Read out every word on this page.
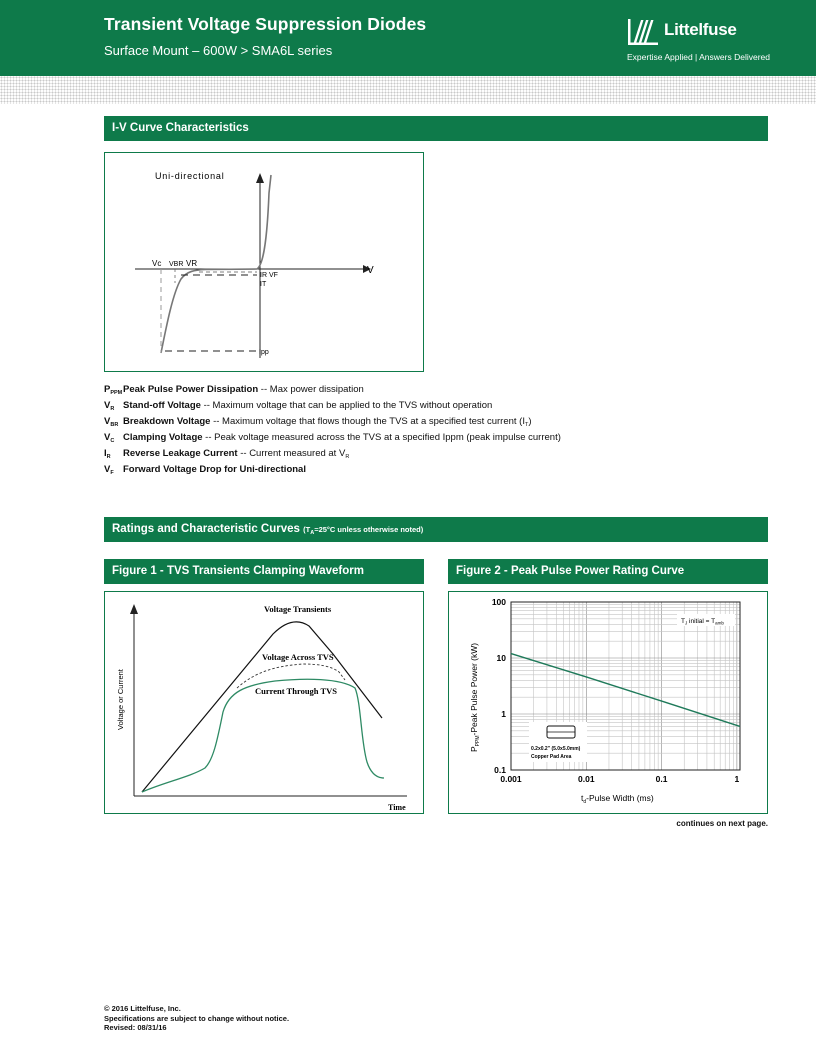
Transient Voltage Suppression Diodes
Surface Mount – 600W > SMA6L series
Littelfuse
Expertise Applied | Answers Delivered
I-V Curve Characteristics
Uni-directional
V
Vc VBR VR
IR
IT
VF
Ipp
$P_{PPM}$ Peak Pulse Power Dissipation -- Max power dissipation
$V_R$ Stand-off Voltage -- Maximum voltage that can be applied to the TVS without operation
$V_{BR}$ Breakdown Voltage -- Maximum voltage that flows though the TVS at a specified test current $(I_T)$
$V_C$ Clamping Voltage -- Peak voltage measured across the TVS at a specified Ippm (peak impulse current)
$I_R$ Reverse Leakage Current -- Current measured at $V_R$
$V_F$ Forward Voltage Drop for Uni-directional
Ratings and Characteristic Curves ($T_A=25^\circ C$ unless otherwise noted)
Figure 1 - TVS Transients Clamping Waveform
Voltage Transients
Voltage Across TVS
Current Through TVS
Time
Voltage or Current
Figure 2 - Peak Pulse Power Rating Curve
0.001	0.01	0.1	1
0.1
1
10
100
$T_J$ initial = $T_{amb}$
0.2x0.2" (5.0x5.0mm)
Copper Pad Area
$P_{PPM}$-Peak Pulse Power (kW)
$t_d$-Pulse Width (ms)
continues on next page.
© 2016 Littelfuse, Inc.
Specifications are subject to change without notice.
Revised: 08/31/16
